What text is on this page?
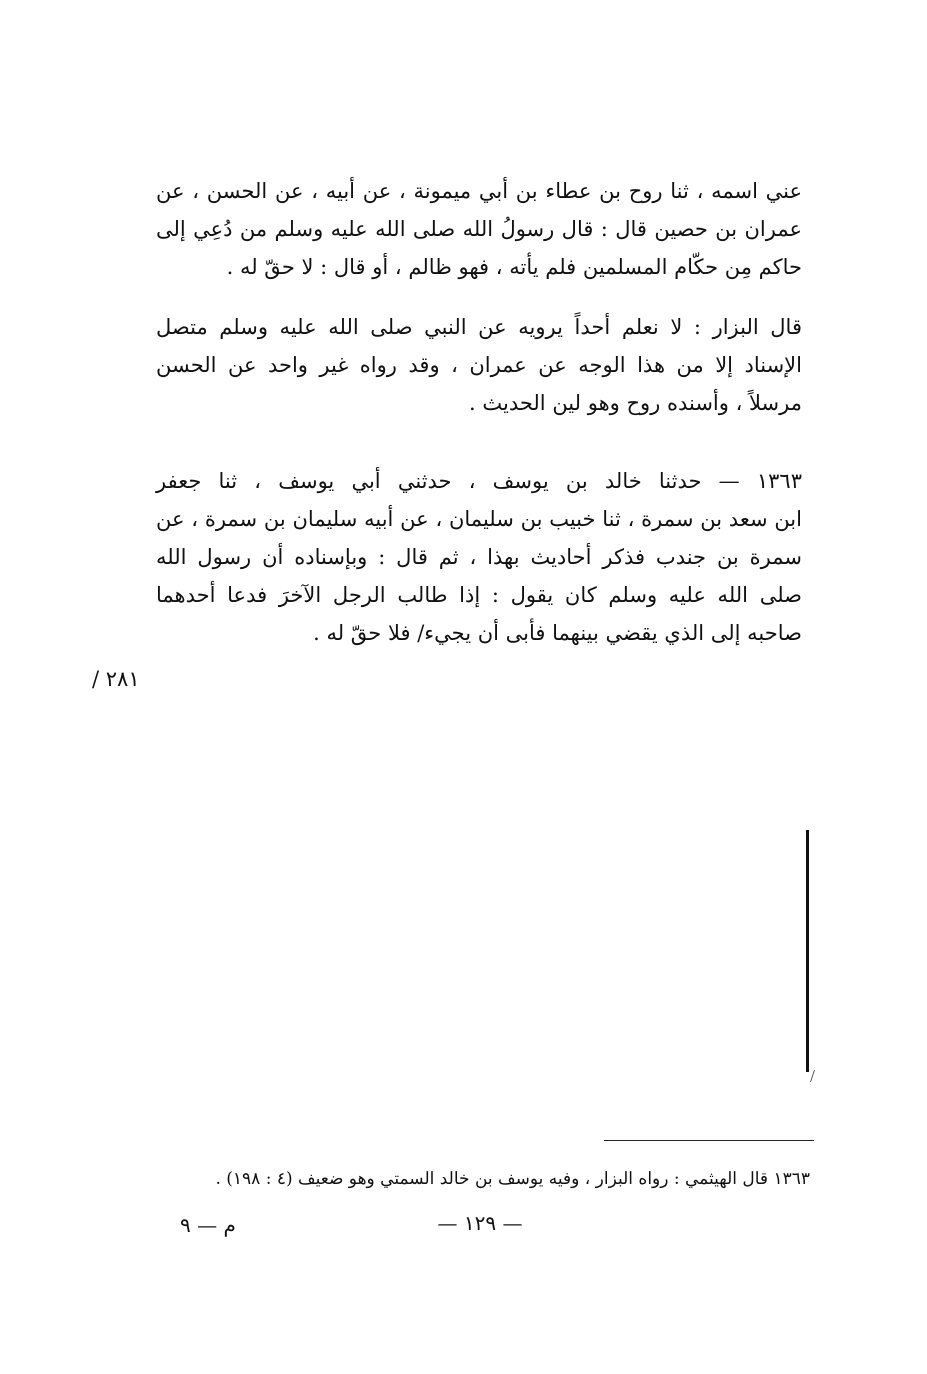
عني اسمه ، ثنا روح بن عطاء بن أبي ميمونة ، عن أبيه ، عن الحسن ، عن
عمران بن حصين قال : قال رسولُ الله صلى الله عليه وسلم من دُعِي إلى
حاكم مِن حكّام المسلمين فلم يأته ، فهو ظالم ، أو قال : لا حقّ له .
قال البزار : لا نعلم أحداً يرويه عن النبي صلى الله عليه وسلم متصل
الإسناد إلا من هذا الوجه عن عمران ، وقد رواه غير واحد عن الحسن
مرسلاً ، وأسنده روح وهو لين الحديث .
١٣٦٣ — حدثنا خالد بن يوسف ، حدثني أبي يوسف ، ثنا جعفر
ابن سعد بن سمرة ، ثنا خبيب بن سليمان ، عن أبيه سليمان بن سمرة ، عن
سمرة بن جندب فذكر أحاديث بهذا ، ثم قال : وبإسناده أن رسول الله
صلى الله عليه وسلم كان يقول : إذا طالب الرجل الآخرَ فدعا أحدهما
صاحبه إلى الذي يقضي بينهما فأبى أن يجيء/ فلا حقّ له .
٢٨١ /
١٣٦٣ قال الهيثمي : رواه البزار ، وفيه يوسف بن خالد السمتي وهو ضعيف (٤ : ١٩٨) .
— ١٢٩ —
م — ٩
